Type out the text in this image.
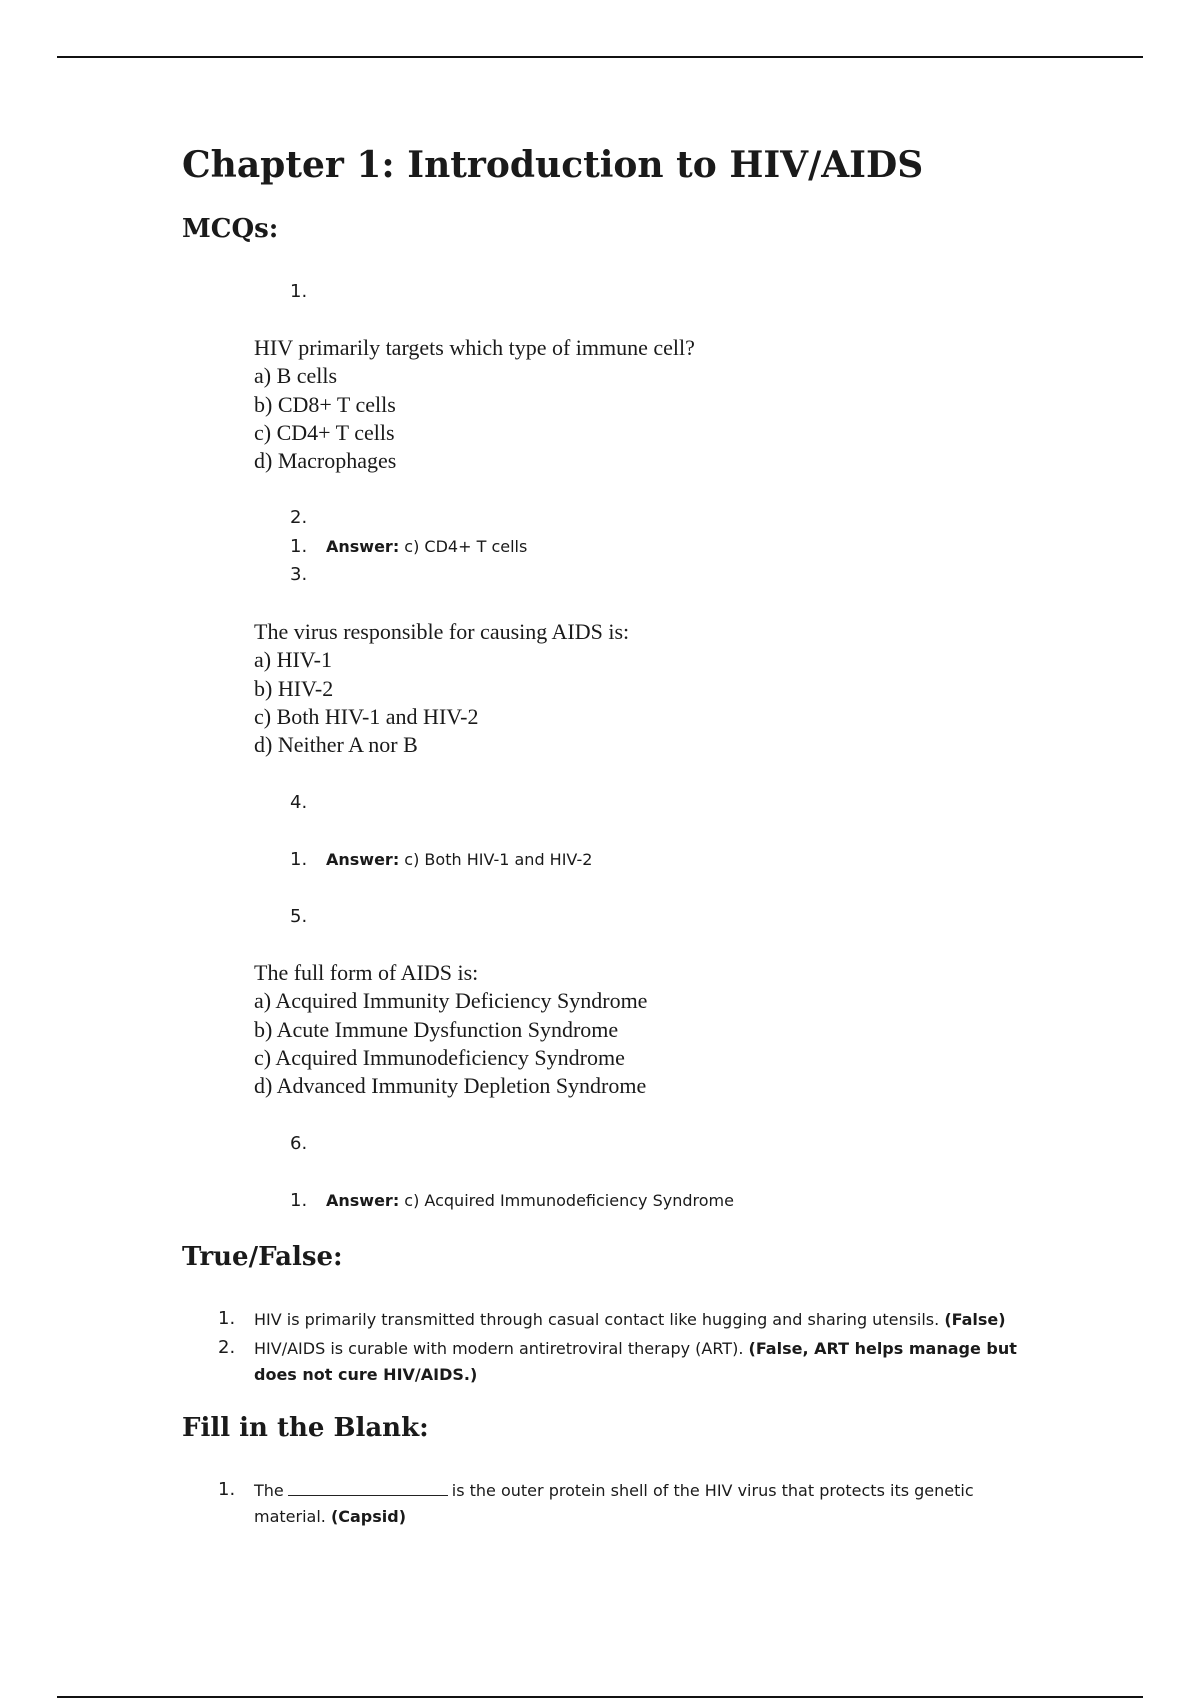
Chapter 1: Introduction to HIV/AIDS
MCQs:
1.
HIV primarily targets which type of immune cell?
a) B cells
b) CD8+ T cells
c) CD4+ T cells
d) Macrophages
2.
1. Answer: c) CD4+ T cells
3.
The virus responsible for causing AIDS is:
a) HIV-1
b) HIV-2
c) Both HIV-1 and HIV-2
d) Neither A nor B
4.
1. Answer: c) Both HIV-1 and HIV-2
5.
The full form of AIDS is:
a) Acquired Immunity Deficiency Syndrome
b) Acute Immune Dysfunction Syndrome
c) Acquired Immunodeficiency Syndrome
d) Advanced Immunity Depletion Syndrome
6.
1. Answer: c) Acquired Immunodeficiency Syndrome
True/False:
1. HIV is primarily transmitted through casual contact like hugging and sharing utensils. (False)
2. HIV/AIDS is curable with modern antiretroviral therapy (ART). (False, ART helps manage but does not cure HIV/AIDS.)
Fill in the Blank:
1. The	is the outer protein shell of the HIV virus that protects its genetic material. (Capsid)
